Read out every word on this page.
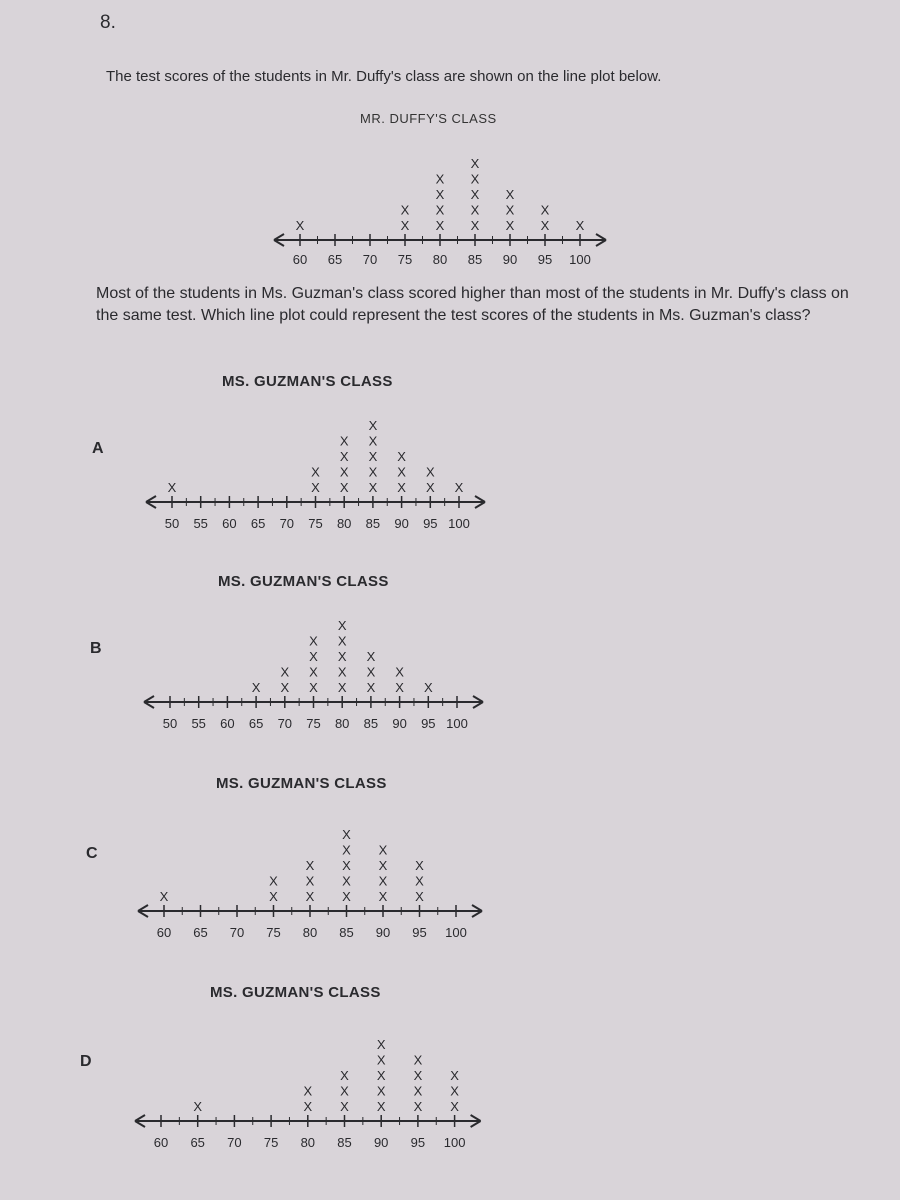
8.
The test scores of the students in Mr. Duffy's class are shown on the line plot below.
MR. DUFFY'S CLASS
60 65 70 75 80 85 90 95 100
X	X
X
X
X
X
X
X
X
X
X
X
X
X
X
X
X
X
Most of the students in Ms. Guzman's class scored higher than most of the students in Mr. Duffy's class on the same test. Which line plot could represent the test scores of the students in Ms. Guzman's class?
A
MS. GUZMAN'S CLASS
50 55 60 65 70 75 80 85 90 95 100
X	X
X
X
X
X
X
X
X
X
X
X
X
X
X
X
X
X
B
MS. GUZMAN'S CLASS
50 55 60 65 70 75 80 85 90 95 100
X X
X
X
X
X
X
X
X
X
X
X
X
X
X
X
X
X
C
MS. GUZMAN'S CLASS
60 65 70 75 80 85 90 95 100
X	X
X
X
X
X
X
X
X
X
X
X
X
X
X
X
X
X
D
MS. GUZMAN'S CLASS
60 65 70 75 80 85 90 95 100
X	X
X
X
X
X
X
X
X
X
X
X
X
X
X
X
X
X
